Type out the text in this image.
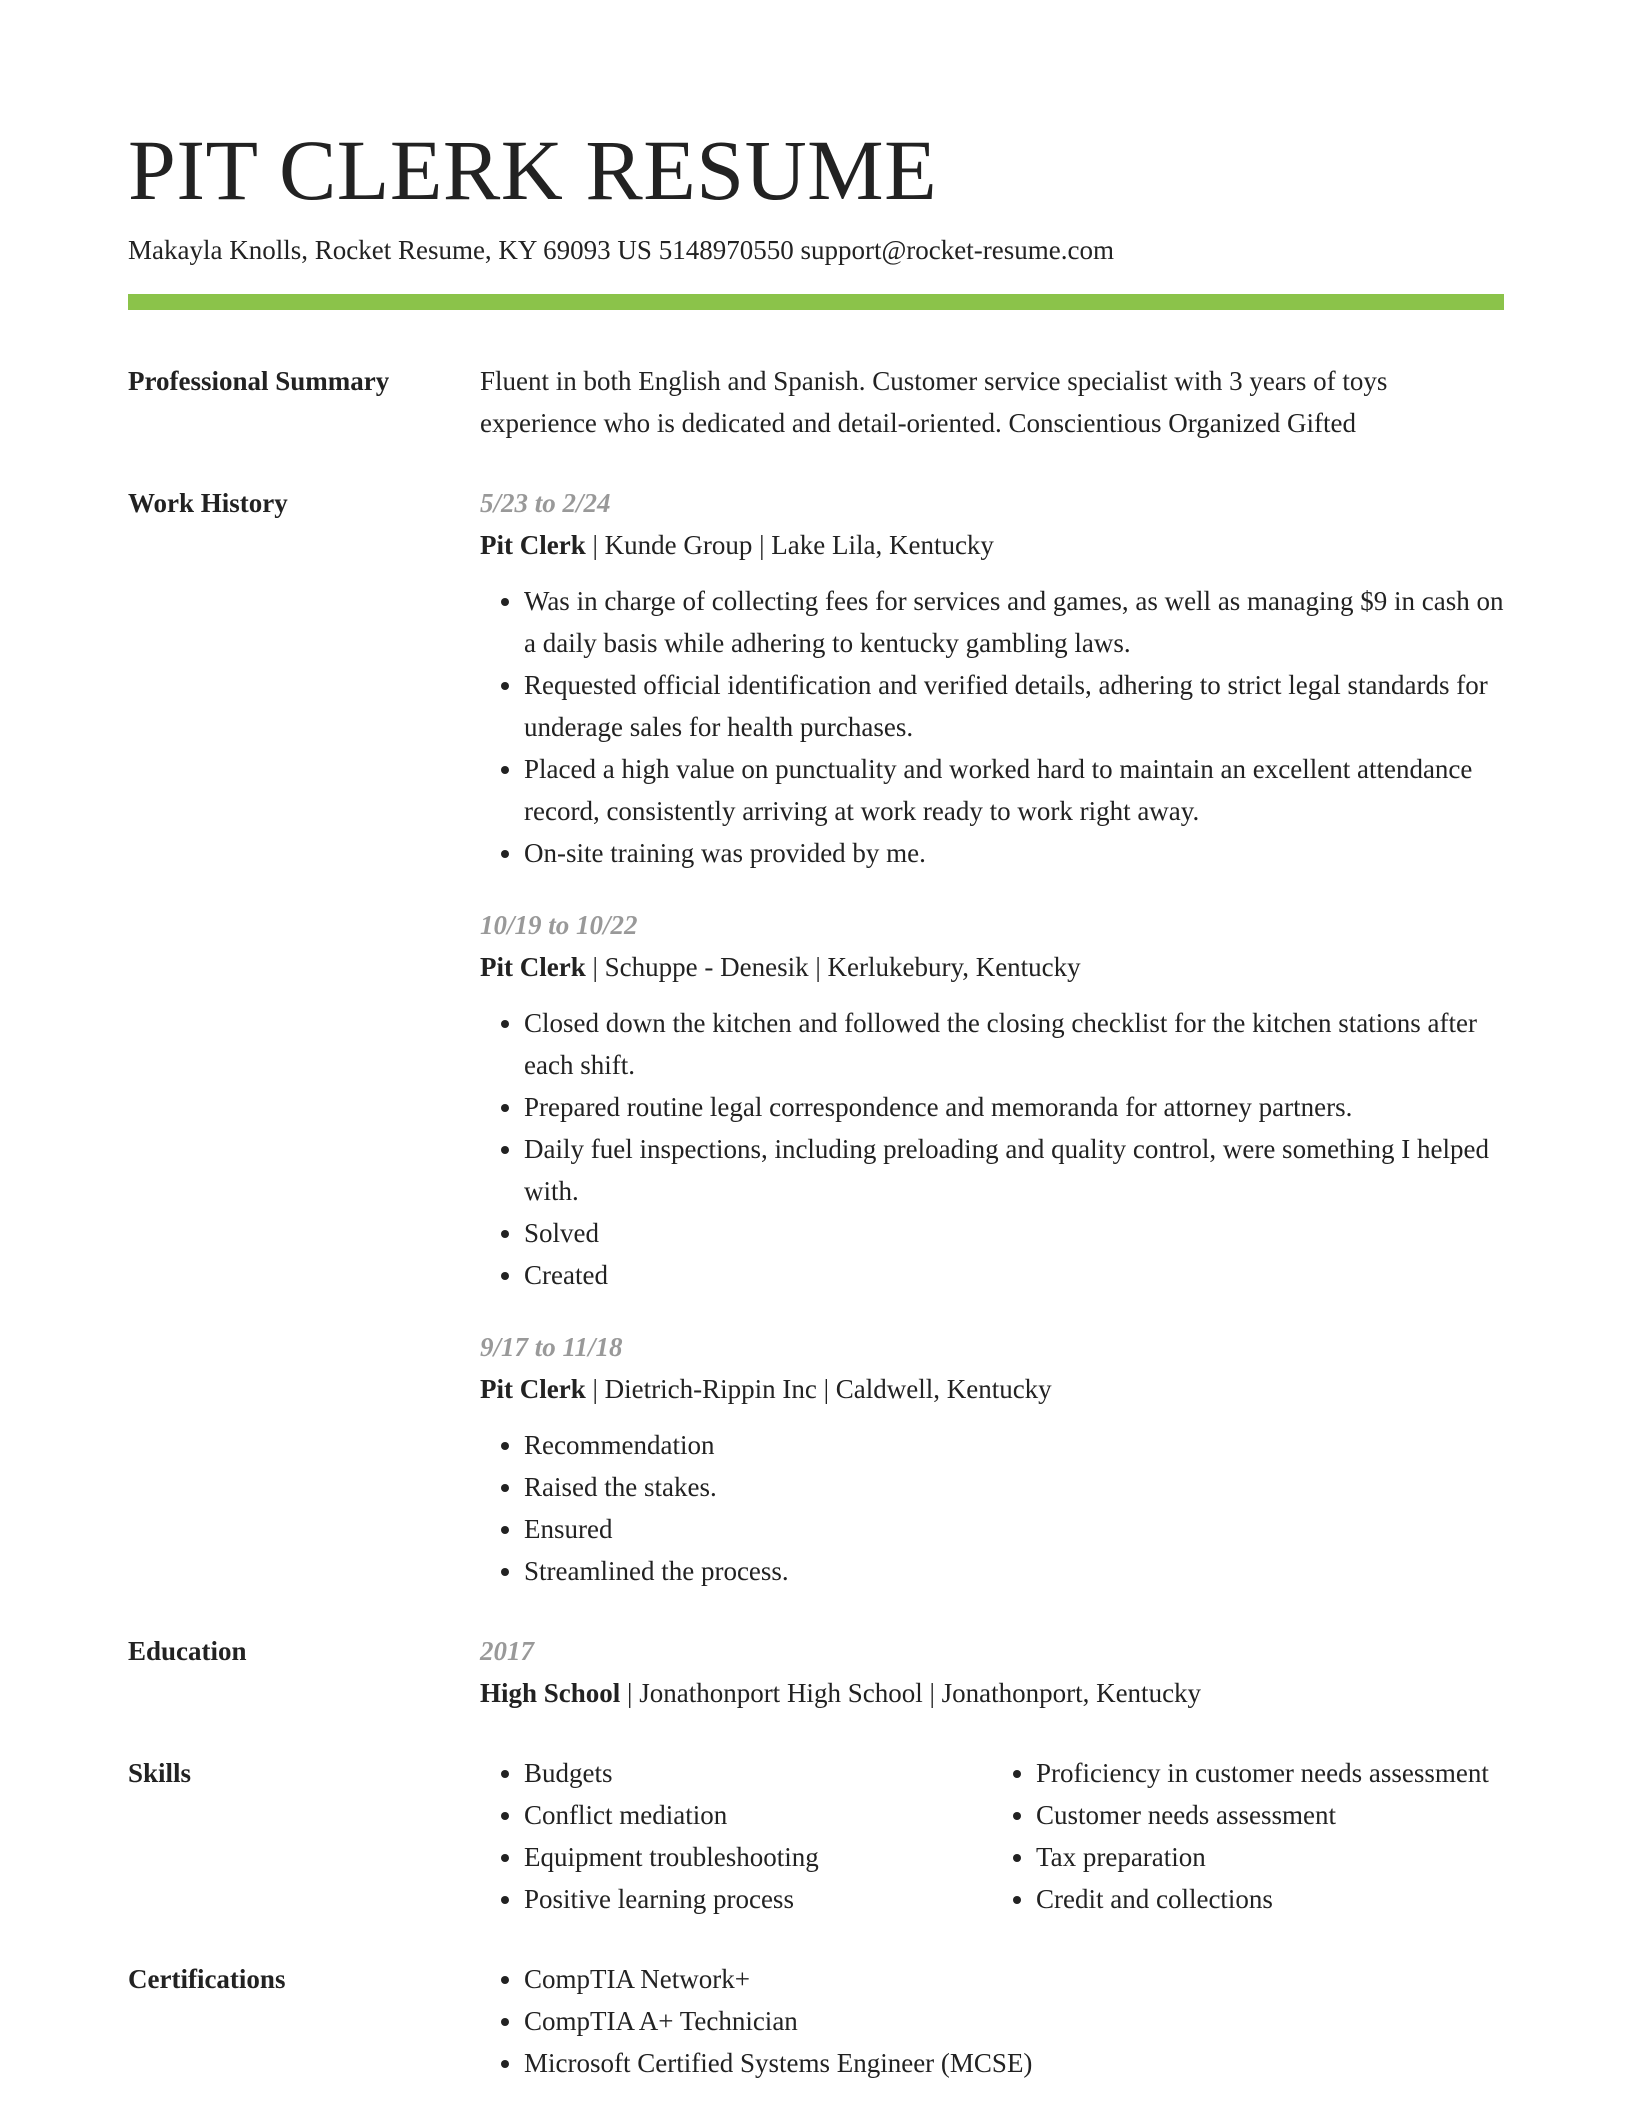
PIT CLERK RESUME
Makayla Knolls, Rocket Resume, KY 69093 US 5148970550 support@rocket-resume.com
Professional Summary	Fluent in both English and Spanish. Customer service specialist with 3 years of toys experience who is dedicated and detail-oriented. Conscientious Organized Gifted

Work History	5/23 to 2/24
Pit Clerk | Kunde Group | Lake Lila, Kentucky
• Was in charge of collecting fees for services and games, as well as managing $9 in cash on a daily basis while adhering to kentucky gambling laws.
• Requested official identification and verified details, adhering to strict legal standards for underage sales for health purchases.
• Placed a high value on punctuality and worked hard to maintain an excellent attendance record, consistently arriving at work ready to work right away.
• On-site training was provided by me.
10/19 to 10/22
Pit Clerk | Schuppe - Denesik | Kerlukebury, Kentucky
• Closed down the kitchen and followed the closing checklist for the kitchen stations after each shift.
• Prepared routine legal correspondence and memoranda for attorney partners.
• Daily fuel inspections, including preloading and quality control, were something I helped with.
• Solved
• Created
9/17 to 11/18
Pit Clerk | Dietrich-Rippin Inc | Caldwell, Kentucky
• Recommendation
• Raised the stakes.
• Ensured
• Streamlined the process.
Education	2017
High School | Jonathonport High School | Jonathonport, Kentucky
Skills	• Budgets
• Conflict mediation
• Equipment troubleshooting
• Positive learning process
• Proficiency in customer needs assessment
• Customer needs assessment
• Tax preparation
• Credit and collections
Certifications	• CompTIA Network+
• CompTIA A+ Technician
• Microsoft Certified Systems Engineer (MCSE)
